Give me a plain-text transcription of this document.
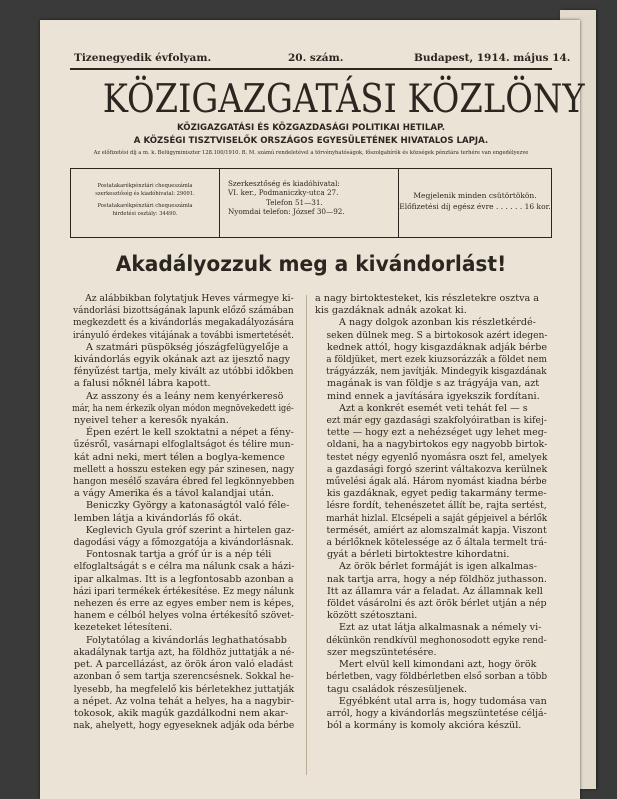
Tizenegyedik évfolyam.	20. szám.	Budapest, 1914. május 14.
KÖZIGAZGATÁSI KÖZLÖNY
KÖZIGAZGATÁSI ÉS KÖZGAZDASÁGI POLITIKAI HETILAP.
A KÖZSÉGI TISZTVISELŐK ORSZÁGOS EGYESÜLETÉNEK HIVATALOS LAPJA.
Az előfizetési díj a m. k. Belügyminiszter 128.100/1910. B. M. számú rendeletével a törvényhatóságok, főszolgabírók és községek pénztára terhére van engedélyezve

Postatakarékpénztári chequeszámla

szerkesztőség és kiadóhivatal: 29091.

Postatakarékpénztári chequeszámla

hirdetési osztály: 34490.

Szerkesztőség és kiadóhivatal:

VI. ker., Podmaniczky-utca 27.

Telefon 51—31.

Nyomdai telefon: József 30—92.

Megjelenik minden csütörtökön.

Előfizetési díj egész évre . . . . . . 16 kor.

Akadályozzuk meg a kivándorlást!

Az alábbikban folytatjuk Heves vármegye ki-
vándorlási bizottságának lapunk előző számában
megkezdett és a kivándorlás megakadályozására
irányuló érdekes vitájának a további ismertetését.

A szatmári püspökség jószágfelügyelője a
kivándorlás egyik okának azt az ijesztő nagy
fényűzést tartja, mely kivált az utóbbi időkben
a falusi nőknél lábra kapott.

Az asszony és a leány nem kenyérkeresö
már, ha nem érkezik olyan módon megnövekedett igé-
nyeivel teher a keresők nyakán.

Épen ezért le kell szoktatni a népet a fény-
űzésről, vasárnapi elfoglaltságot és télire mun-
kát adni neki, mert télen a boglya-kemence
mellett a hosszu esteken egy pár szinesen, nagy
hangon mesélő szavára ébred fel legkönnyebben
a vágy Amerika és a távol kalandjai után.

Beniczky György a katonaságtól való féle-
lemben látja a kivándorlás fő okát.

Keglevich Gyula gróf szerint a hirtelen gaz-
dagodási vágy a főmozgatója a kivándorlásnak.

Fontosnak tartja a gróf úr is a nép téli
elfoglaltságát s e célra ma nálunk csak a házi-
ipar alkalmas. Itt is a legfontosabb azonban a
házi ipari termékek értékesítése. Ez megy nálunk
nehezen és erre az egyes ember nem is képes,
hanem e célból helyes volna értékesítő szövet-
kezeteket létesíteni.

Folytatólag a kivándorlás leghathatósabb
akadálynak tartja azt, ha földhöz juttatják a né-
pet. A parcellázást, az örök áron való eladást
azonban ő sem tartja szerencsésnek. Sokkal he-
lyesebb, ha megfelelő kis bérletekhez juttatják
a népet. Az volna tehát a helyes, ha a nagybir-
tokosok, akik magúk gazdálkodni nem akar-
nak, ahelyett, hogy egyeseknek adják oda bérbe

a nagy birtoktesteket, kis részletekre osztva a
kis gazdáknak adnák azokat ki.

A nagy dolgok azonban kis részletkérdé-
seken dülnek meg. S a birtokosok azért idegen-
kednek attól, hogy kisgazdáknak adják bérbe
a földjüket, mert ezek kiuzsorázzák a földet nem
trágyázzák, nem javítják. Mindegyik kisgazdának
magának is van földje s az trágyája van, azt
mind ennek a javítására igyekszik fordítani.

Azt a konkrét esemét veti tehát fel — s
ezt már egy gazdasági szakfolyóiratban is kifej-
tette — hogy ezt a nehézséget ugy lehet meg-
oldani, ha a nagybirtokos egy nagyobb birtok-
testet négy egyenlő nyomásra oszt fel, amelyek
a gazdasági forgó szerint váltakozva kerülnek
művelési ágak alá. Három nyomást kiadna bérbe
kis gazdáknak, egyet pedig takarmány terme-
lésre fordít, tehenészetet állít be, rajta sertést,
marhát hizlal. Elcsépeli a saját gépjeivel a bérlők
termését, amiért az alomszalmát kapja. Viszont
a bérlőknek kötelessége az ő általa termelt trá-
gyát a bérleti birtoktestre kihordatni.

Az örök bérlet formáját is igen alkalmas-
nak tartja arra, hogy a nép földhöz juthasson.
Itt az államra vár a feladat. Az államnak kell
földet vásárolni és azt örök bérlet utján a nép
között szétosztani.

Ezt az utat látja alkalmasnak a némely vi-
dékünkön rendkívül meghonosodott egyke rend-
szer megszüntetésére.

Mert elvül kell kimondani azt, hogy örök
bérletben, vagy földbérletben első sorban a több
tagu családok részesüljenek.

Egyébként utal arra is, hogy tudomása van
arról, hogy a kivándorlás megszüntetése céljá-
ból a kormány is komoly akcióra készül.
